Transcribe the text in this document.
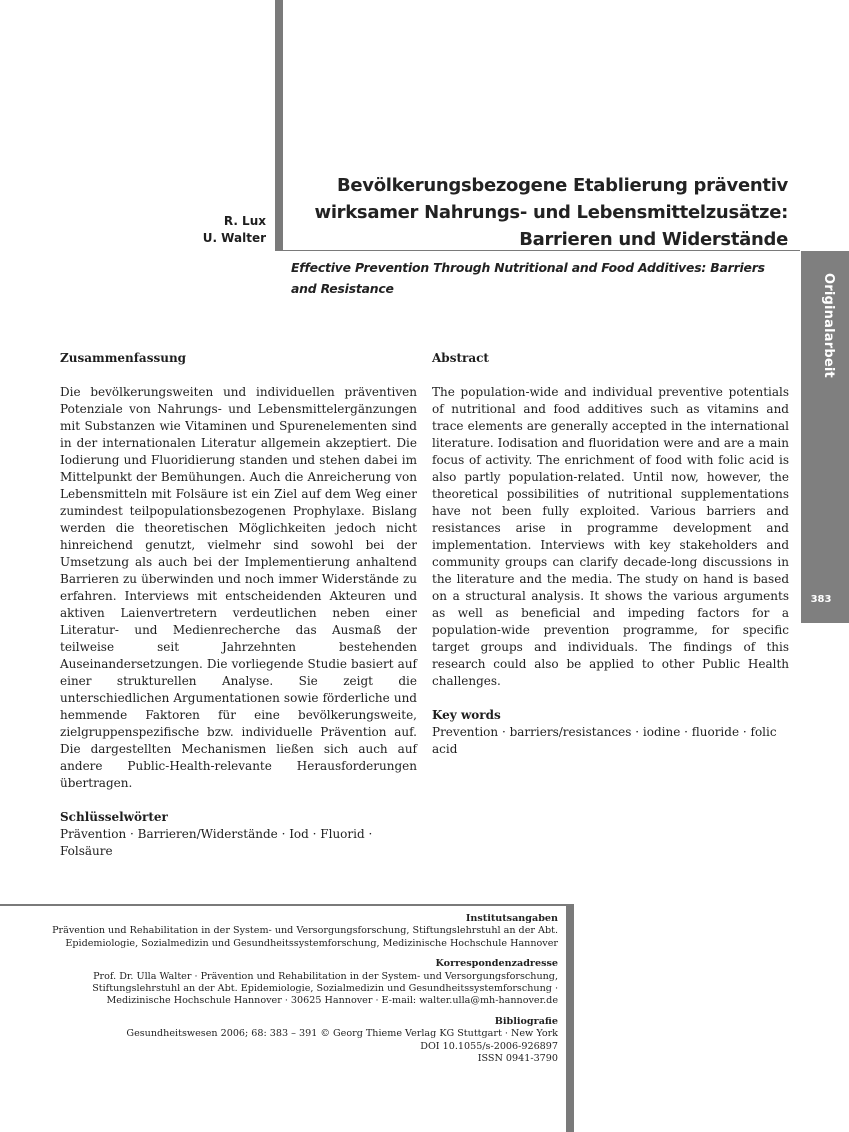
R. Lux
U. Walter
Bevölkerungsbezogene Etablierung präventiv
wirksamer Nahrungs- und Lebensmittelzusätze:
Barrieren und Widerstände
Effective Prevention Through Nutritional and Food Additives: Barriers
and Resistance	Originalarbeit
383
Zusammenfassung

Die bevölkerungsweiten und individuellen präventiven Potenziale von Nahrungs- und Lebensmittelergänzungen mit Substanzen wie Vitaminen und Spurenelementen sind in der internationalen Literatur allgemein akzeptiert. Die Iodierung und Fluoridierung standen und stehen dabei im Mittelpunkt der Bemühungen. Auch die Anreicherung von Lebensmitteln mit Folsäure ist ein Ziel auf dem Weg einer zumindest teilpopulationsbezogenen Prophylaxe. Bislang werden die theoretischen Möglichkeiten jedoch nicht hinreichend genutzt, vielmehr sind sowohl bei der Umsetzung als auch bei der Implementierung anhaltend Barrieren zu überwinden und noch immer Widerstände zu erfahren. Interviews mit entscheidenden Akteuren und aktiven Laienvertretern verdeutlichen neben einer Literatur- und Medienrecherche das Ausmaß der teilweise seit Jahrzehnten bestehenden Auseinandersetzungen. Die vorliegende Studie basiert auf einer strukturellen Analyse. Sie zeigt die unterschiedlichen Argumentationen sowie förderliche und hemmende Faktoren für eine bevölkerungsweite, zielgruppenspezifische bzw. individuelle Prävention auf. Die dargestellten Mechanismen ließen sich auch auf andere Public-Health-relevante Herausforderungen übertragen.

Schlüsselwörter
Prävention · Barrieren/Widerstände · Iod · Fluorid · Folsäure
Abstract

The population-wide and individual preventive potentials of nutritional and food additives such as vitamins and trace elements are generally accepted in the international literature. Iodisation and fluoridation were and are a main focus of activity. The enrichment of food with folic acid is also partly population-related. Until now, however, the theoretical possibilities of nutritional supplementations have not been fully exploited. Various barriers and resistances arise in programme development and implementation. Interviews with key stakeholders and community groups can clarify decade-long discussions in the literature and the media. The study on hand is based on a structural analysis. It shows the various arguments as well as beneficial and impeding factors for a population-wide prevention programme, for specific target groups and individuals. The findings of this research could also be applied to other Public Health challenges.

Key words
Prevention · barriers/resistances · iodine · fluoride · folic acid
Institutsangaben
Prävention und Rehabilitation in der System- und Versorgungsforschung, Stiftungslehrstuhl an der Abt.
Epidemiologie, Sozialmedizin und Gesundheitssystemforschung, Medizinische Hochschule Hannover
Korrespondenzadresse
Prof. Dr. Ulla Walter · Prävention und Rehabilitation in der System- und Versorgungsforschung,
Stiftungslehrstuhl an der Abt. Epidemiologie, Sozialmedizin und Gesundheitssystemforschung ·
Medizinische Hochschule Hannover · 30625 Hannover · E-mail: walter.ulla@mh-hannover.de
Bibliografie
Gesundheitswesen 2006; 68: 383 – 391 © Georg Thieme Verlag KG Stuttgart · New York
DOI 10.1055/s-2006-926897
ISSN 0941-3790
